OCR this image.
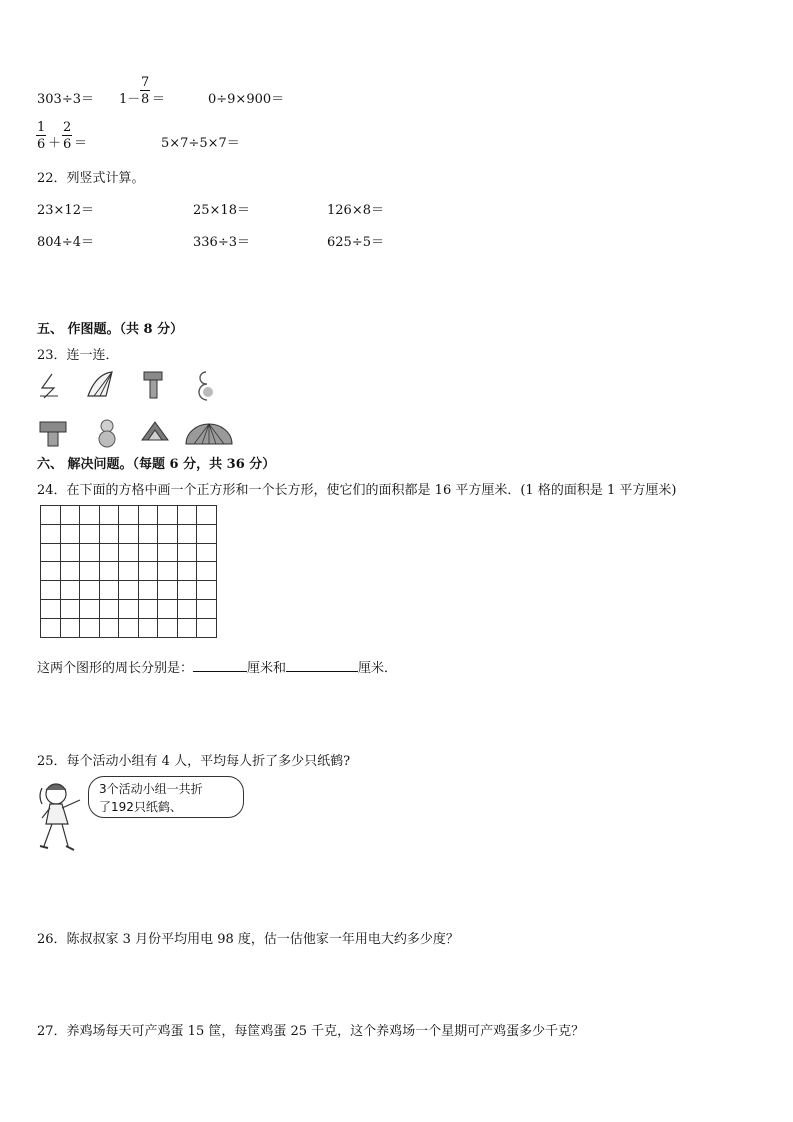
$303\div 3= 1- \frac{7}{8}$ ＝	0÷9×900＝
$\frac{1}{6} + \frac{2}{6}$ ＝	5×7÷5×7＝
22．列竖式计算。
23×12＝	25×18＝	126×8＝
804÷4＝	336÷3＝	625÷5＝
五、 作图题。（共 8 分）
23．连一连．
六、 解决问题。（每题 6 分，共 36 分）
24．在下面的方格中画一个正方形和一个长方形，使它们的面积都是 16 平方厘米．(1 格的面积是 1 平方厘米)

这两个图形的周长分别是：	厘米和	厘米．
25．每个活动小组有 4 人，平均每人折了多少只纸鹤?
3个活动小组一共折
了192只纸鹤、
26．陈叔叔家 3 月份平均用电 98 度，估一估他家一年用电大约多少度？
27．养鸡场每天可产鸡蛋 15 筐，每筐鸡蛋 25 千克，这个养鸡场一个星期可产鸡蛋多少千克？
